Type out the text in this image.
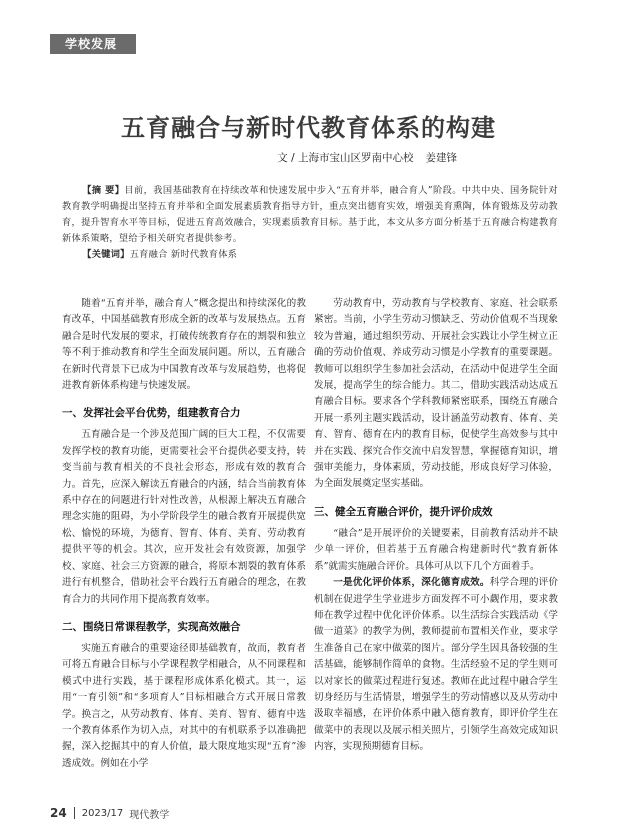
学校发展
五育融合与新时代教育体系的构建
文 / 上海市宝山区罗南中心校 姜建锋

【摘 要】目前，我国基础教育在持续改革和快速发展中步入“五育并举，融合育人”阶段。中共中央、国务院针对教育教学明确提出坚持五育并举和全面发展素质教育指导方针，重点突出德育实效，增强美育熏陶，体育锻炼及劳动教育，提升智育水平等目标，促进五育高效融合，实现素质教育目标。基于此，本文从多方面分析基于五育融合构建教育新体系策略，望给予相关研究者提供参考。

【关键词】五育融合 新时代教育体系

随着“五育并举，融合育人”概念提出和持续深化的教育改革，中国基础教育形成全新的改革与发展热点。五育融合是时代发展的要求，打破传统教育存在的割裂和独立等不利于推动教育和学生全面发展问题。所以，五育融合在新时代背景下已成为中国教育改革与发展趋势，也将促进教育新体系构建与快速发展。

一、发挥社会平台优势，组建教育合力

五育融合是一个涉及范围广阔的巨大工程，不仅需要发挥学校的教育功能，更需要社会平台提供必要支持，转变当前与教育相关的不良社会形态，形成有效的教育合力。首先，应深入解读五育融合的内涵，结合当前教育体系中存在的问题进行针对性改善，从根源上解决五育融合理念实施的阻碍，为小学阶段学生的融合教育开展提供宽松、愉悦的环境，为德育、智育、体育、美育、劳动教育提供平等的机会。其次，应开发社会有效资源，加强学校、家庭、社会三方资源的融合，将原本割裂的教育体系进行有机整合，借助社会平台践行五育融合的理念，在教育合力的共同作用下提高教育效率。

二、围绕日常课程教学，实现高效融合

实施五育融合的重要途径即基础教育，故而，教育者可将五育融合目标与小学课程教学相融合，从不同课程和模式中进行实践，基于课程形成体系化模式。其一，运用“一育引领”和“多项育人”目标相融合方式开展日常教学。换言之，从劳动教育、体育、美育、智育、德育中选一个教育体系作为切入点，对其中的有机联系予以准确把握，深入挖掘其中的育人价值，最大限度地实现“五育”渗透成效。例如在小学

劳动教育中，劳动教育与学校教育、家庭、社会联系紧密。当前，小学生劳动习惯缺乏、劳动价值观不当现象较为普遍，通过组织劳动、开展社会实践让小学生树立正确的劳动价值观、养成劳动习惯是小学教育的重要课题。教师可以组织学生参加社会活动，在活动中促进学生全面发展，提高学生的综合能力。其二，借助实践活动达成五育融合目标。要求各个学科教师紧密联系，围绕五育融合开展一系列主题实践活动，设计涵盖劳动教育、体育、美育、智育、德育在内的教育目标，促使学生高效参与其中并在实践、探究合作交流中启发智慧，掌握德育知识，增强审美能力，身体素质，劳动技能，形成良好学习体验，为全面发展奠定坚实基础。

三、健全五育融合评价，提升评价成效

“融合”是开展评价的关键要素，目前教育活动并不缺少单一评价，但若基于五育融合构建新时代“教育新体系”就需实施融合评价。具体可从以下几个方面着手。

一是优化评价体系，深化德育成效。科学合理的评价机制在促进学生学业进步方面发挥不可小觑作用，要求教师在教学过程中优化评价体系。以生活综合实践活动《学做一道菜》的教学为例，教师提前布置相关作业，要求学生准备自己在家中做菜的图片。部分学生因具备较强的生活基础，能够制作简单的食物。生活经验不足的学生则可以对家长的做菜过程进行复述。教师在此过程中融合学生切身经历与生活情景，增强学生的劳动情感以及从劳动中汲取幸福感，在评价体系中融入德育教育，即评价学生在做菜中的表现以及展示相关照片，引领学生高效完成知识内容，实现预期德育目标。

24 2023/17 现代教学
